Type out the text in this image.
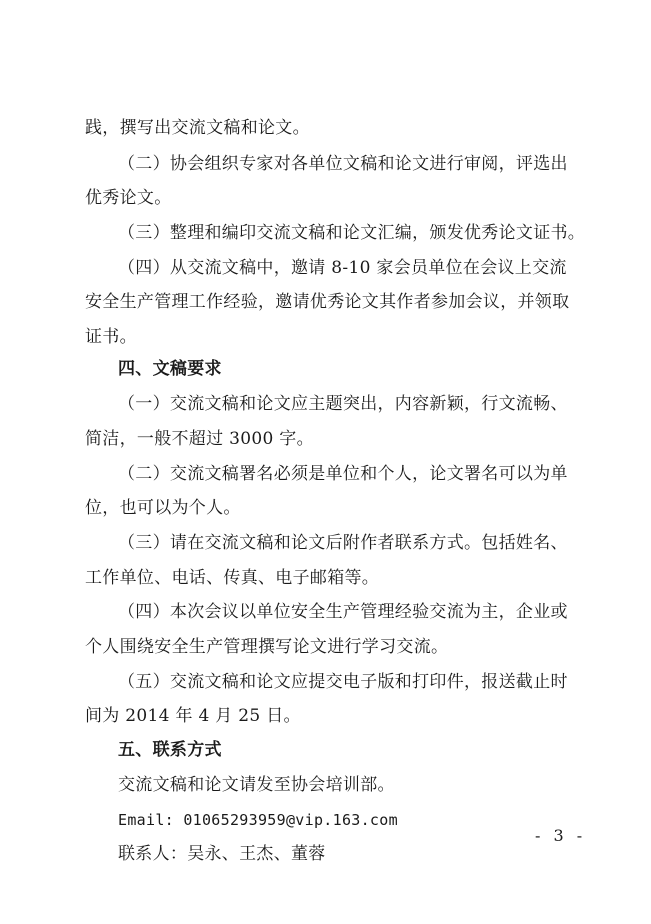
践，撰写出交流文稿和论文。
（二）协会组织专家对各单位文稿和论文进行审阅，评选出
优秀论文。
（三）整理和编印交流文稿和论文汇编，颁发优秀论文证书。
（四）从交流文稿中，邀请 8-10 家会员单位在会议上交流
安全生产管理工作经验，邀请优秀论文其作者参加会议，并领取
证书。
四、文稿要求
（一）交流文稿和论文应主题突出，内容新颖，行文流畅、
简洁，一般不超过 3000 字。
（二）交流文稿署名必须是单位和个人，论文署名可以为单
位，也可以为个人。
（三）请在交流文稿和论文后附作者联系方式。包括姓名、
工作单位、电话、传真、电子邮箱等。
（四）本次会议以单位安全生产管理经验交流为主，企业或
个人围绕安全生产管理撰写论文进行学习交流。
（五）交流文稿和论文应提交电子版和打印件，报送截止时
间为 2014 年 4 月 25 日。
五、联系方式
交流文稿和论文请发至协会培训部。
Email: 01065293959@vip.163.com
联系人：吴永、王杰、董蓉
- 3 -
